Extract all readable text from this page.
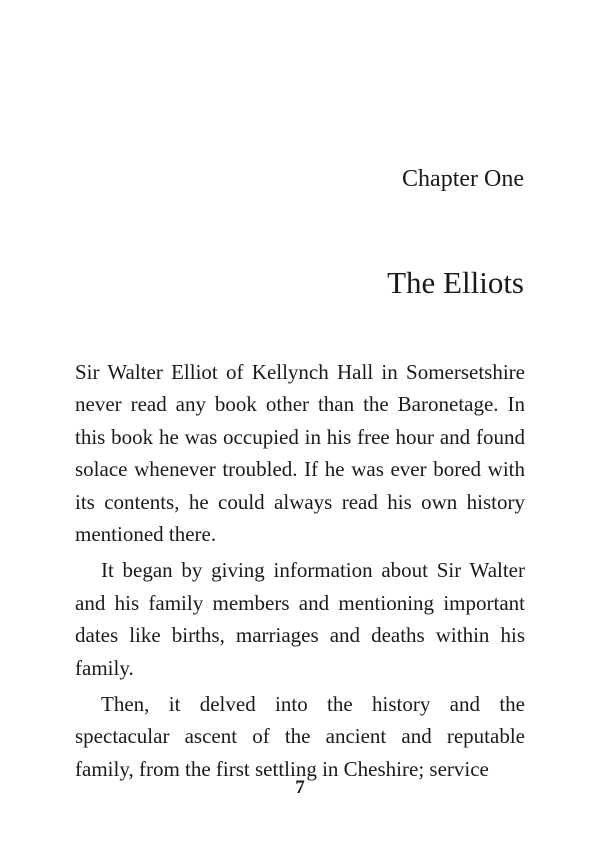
Chapter One
The Elliots

Sir Walter Elliot of Kellynch Hall in Somersetshire never read any book other than the Baronetage. In this book he was occupied in his free hour and found solace whenever troubled. If he was ever bored with its contents, he could always read his own history mentioned there.

It began by giving information about Sir Walter and his family members and mentioning important dates like births, marriages and deaths within his family.

Then, it delved into the history and the spectacular ascent of the ancient and reputable family, from the first settling in Cheshire; service

7
